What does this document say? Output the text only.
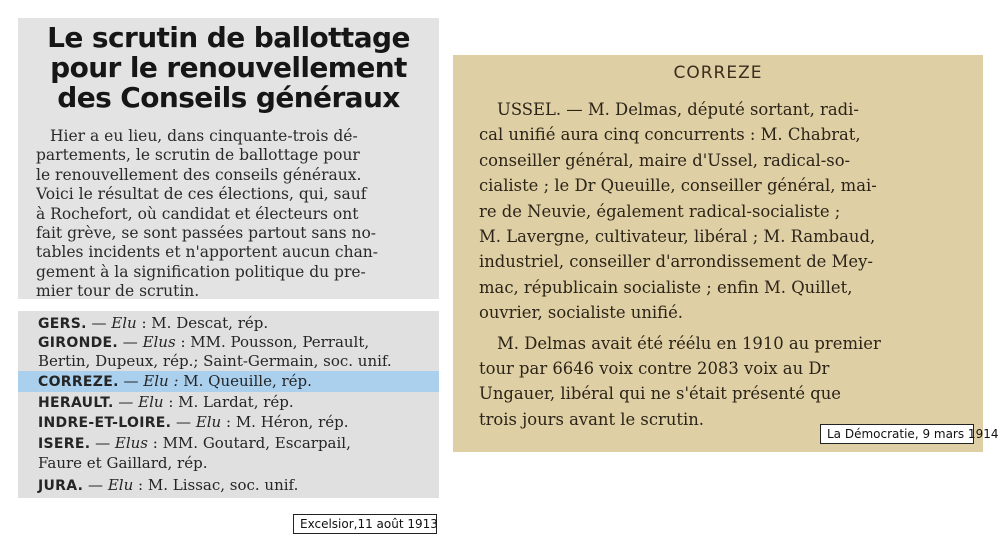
Le scrutin de ballottage
pour le renouvellement
des Conseils généraux
Hier a eu lieu, dans cinquante-trois dé-
partements, le scrutin de ballottage pour
le renouvellement des conseils généraux.
Voici le résultat de ces élections, qui, sauf
à Rochefort, où candidat et électeurs ont
fait grève, se sont passées partout sans no-
tables incidents et n'apportent aucun chan-
gement à la signification politique du pre-
mier tour de scrutin.
GERS. — Elu : M. Descat, rép.
GIRONDE. — Elus : MM. Pousson, Perrault,
Bertin, Dupeux, rép.; Saint-Germain, soc. unif.
CORREZE. — Elu : M. Queuille, rép.
HERAULT. — Elu : M. Lardat, rép.
INDRE-ET-LOIRE. — Elu : M. Héron, rép.
ISERE. — Elus : MM. Goutard, Escarpail,
Faure et Gaillard, rép.
JURA. — Elu : M. Lissac, soc. unif.
Excelsior,11 août 1913
CORREZE
USSEL. — M. Delmas, député sortant, radi-
cal unifié aura cinq concurrents : M. Chabrat,
conseiller général, maire d'Ussel, radical-so-
cialiste ; le Dr Queuille, conseiller général, mai-
re de Neuvie, également radical-socialiste ;
M. Lavergne, cultivateur, libéral ; M. Rambaud,
industriel, conseiller d'arrondissement de Mey-
mac, républicain socialiste ; enfin M. Quillet,
ouvrier, socialiste unifié.
M. Delmas avait été réélu en 1910 au premier
tour par 6646 voix contre 2083 voix au Dr
Ungauer, libéral qui ne s'était présenté que
trois jours avant le scrutin.
La Démocratie, 9 mars 1914
